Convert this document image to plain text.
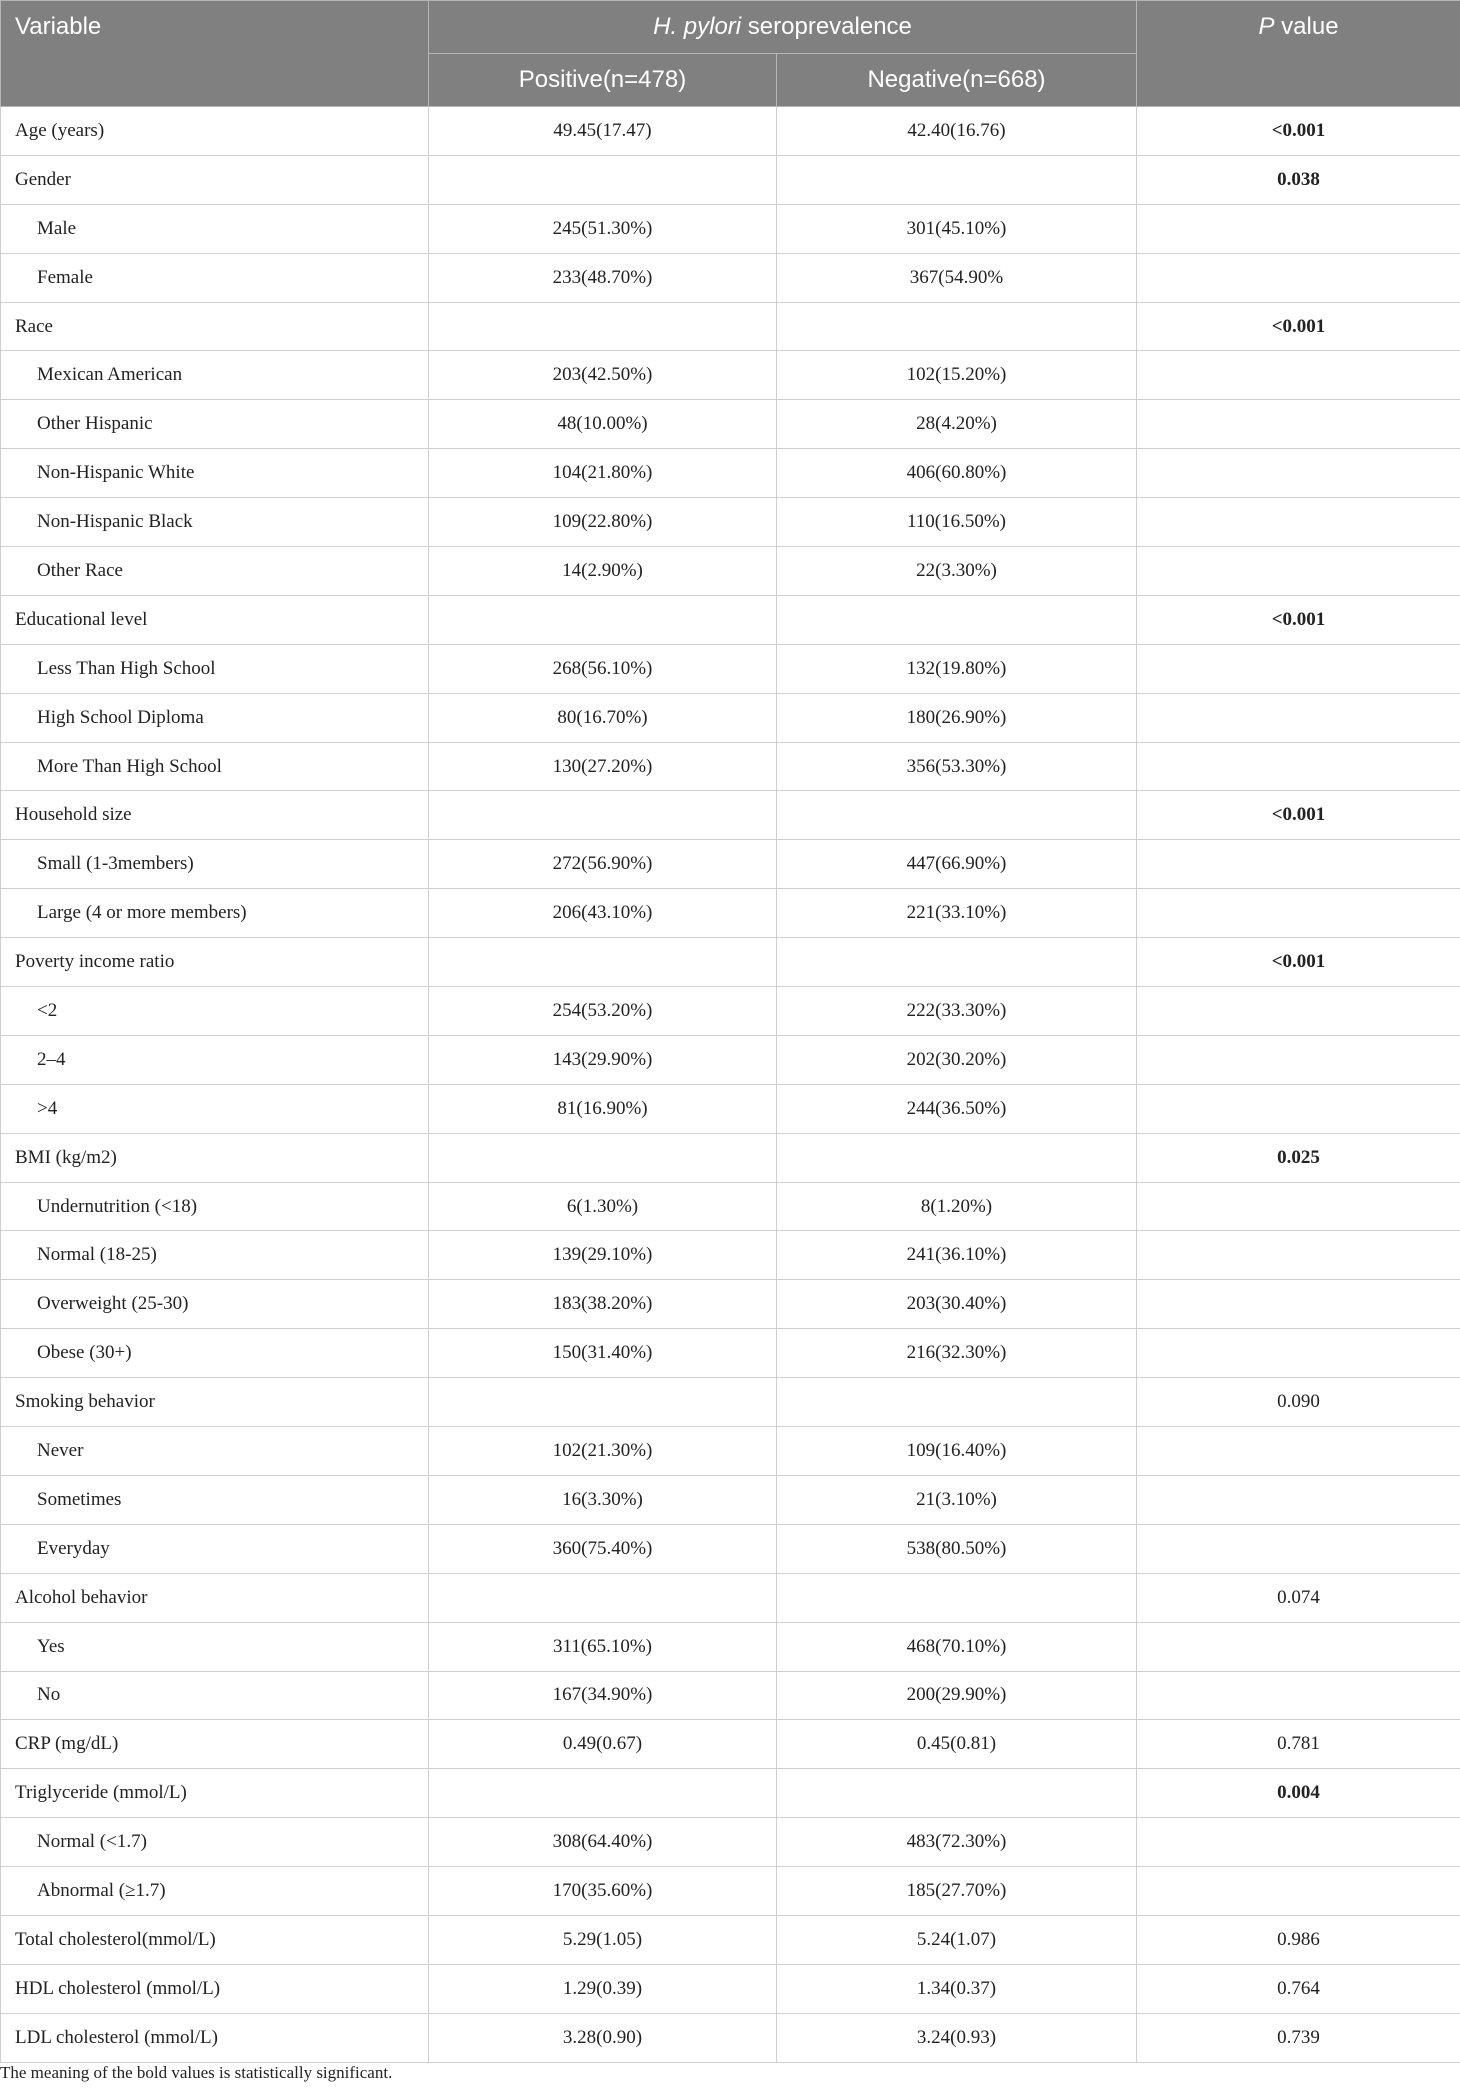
Variable	H. pylori seroprevalence		P value
	Positive(n=478)	Negative(n=668)	
Age (years)	49.45(17.47)	42.40(16.76)	<0.001
Gender			0.038
Male	245(51.30%)	301(45.10%)	
Female	233(48.70%)	367(54.90%	
Race			<0.001
Mexican American	203(42.50%)	102(15.20%)	
Other Hispanic	48(10.00%)	28(4.20%)	
Non-Hispanic White	104(21.80%)	406(60.80%)	
Non-Hispanic Black	109(22.80%)	110(16.50%)	
Other Race	14(2.90%)	22(3.30%)	
Educational level			<0.001
Less Than High School	268(56.10%)	132(19.80%)	
High School Diploma	80(16.70%)	180(26.90%)	
More Than High School	130(27.20%)	356(53.30%)	
Household size			<0.001
Small (1-3members)	272(56.90%)	447(66.90%)	
Large (4 or more members)	206(43.10%)	221(33.10%)	
Poverty income ratio			<0.001
<2	254(53.20%)	222(33.30%)	
2–4	143(29.90%)	202(30.20%)	
>4	81(16.90%)	244(36.50%)	
BMI (kg/m2)			0.025
Undernutrition (<18)	6(1.30%)	8(1.20%)	
Normal (18-25)	139(29.10%)	241(36.10%)	
Overweight (25-30)	183(38.20%)	203(30.40%)	
Obese (30+)	150(31.40%)	216(32.30%)	
Smoking behavior			0.090
Never	102(21.30%)	109(16.40%)	
Sometimes	16(3.30%)	21(3.10%)	
Everyday	360(75.40%)	538(80.50%)	
Alcohol behavior			0.074
Yes	311(65.10%)	468(70.10%)	
No	167(34.90%)	200(29.90%)	
CRP (mg/dL)	0.49(0.67)	0.45(0.81)	0.781
Triglyceride (mmol/L)			0.004
Normal (<1.7)	308(64.40%)	483(72.30%)	
Abnormal (≥1.7)	170(35.60%)	185(27.70%)	
Total cholesterol(mmol/L)	5.29(1.05)	5.24(1.07)	0.986
HDL cholesterol (mmol/L)	1.29(0.39)	1.34(0.37)	0.764
LDL cholesterol (mmol/L)	3.28(0.90)	3.24(0.93)	0.739
The meaning of the bold values is statistically significant.
